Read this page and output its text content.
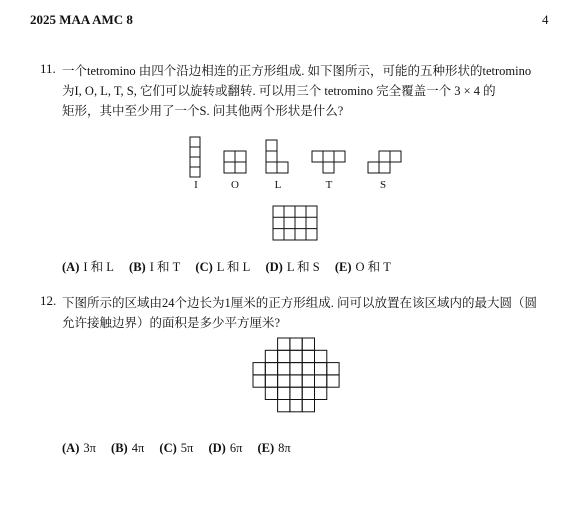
2025 MAA AMC 8	4
11. 一个tetromino 由四个沿边相连的正方形组成. 如下图所示，可能的五种形状的tetromino
为I, O, L, T, S, 它们可以旋转或翻转. 可以用三个 tetromino 完全覆盖一个 3 × 4 的
矩形，其中至少用了一个S. 问其他两个形状是什么?
I	O	L	T	S
(A) I 和 L (B) I 和 T (C) L 和 L (D) L 和 S (E) O 和 T
12. 下图所示的区域由24个边长为1厘米的正方形组成. 问可以放置在该区域内的最大圆（圆
允许接触边界）的面积是多少平方厘米?
(A) 3π (B) 4π (C) 5π (D) 6π (E) 8π
